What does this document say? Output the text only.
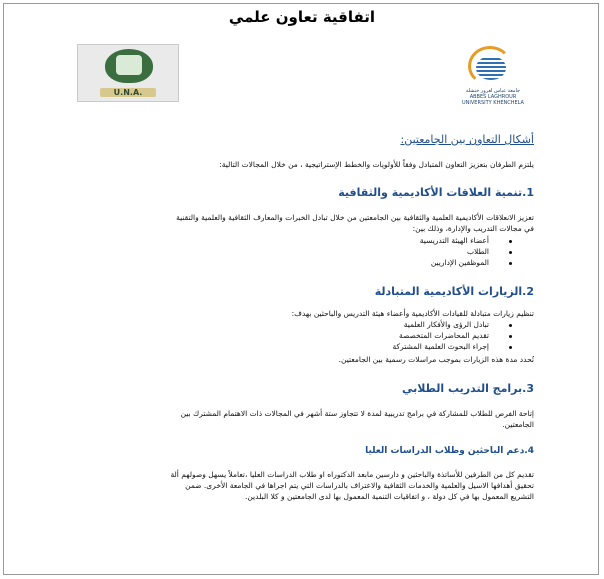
اتفاقية تعاون علمي
U.N.A.	جامعة عباس لغرور خنشلة ABBES LAGHROUR UNIVERSITY KHENCHELA
أشكال التعاون بين الجامعتين:
يلتزم الطرفان بتعزيز التعاون المتبادل وفقاً للأولويات والخطط الإستراتيجية ، من خلال المجالات التالية:
1.تنمية العلاقات الأكاديمية والثقافية
تعزيز الانعلاقات الأكاديمية العلمية والثقافية بين الجامعتين من خلال تبادل الخبرات والمعارف الثقافية والعلمية والتقنية
في مجالات التدريب والإدارة، وذلك بين:
أعضاء الهيئة التدريسية
الطلاب
الموظفين الإداريين
2.الزيارات الأكاديمية المتبادلة
تنظيم زيارات متبادلة للقيادات الأكاديمية وأعضاء هيئة التدريس والباحثين بهدف:
تبادل الرؤى والأفكار العلمية
تقديم المحاضرات المتخصصة
إجراء البحوث العلمية المشتركة
تُحدد مدة هذه الزيارات بموجب مراسلات رسمية بين الجامعتين.
3.برامج التدريب الطلابي
إتاحة الفرص للطلاب للمشاركة في برامج تدريبية لمدة لا تتجاوز ستة أشهر في المجالات ذات الاهتمام المشترك بين
الجامعتين.
4.دعم الباحثين وطلاب الدراسات العليا
تقديم كل من الطرفين للأساتذة والباحثين و دارسين مابعد الدكتوراه او طلاب الدراسات العليا ،تعاملاً يسهل وصولهم ألة
تحقيق أهدافها الاسيل والعلمية والخدمات الثقافية والاعتراف بالدراسات التي يتم اجراها في الجامعة الأخرى. ضمن
التشريع المعمول بها في كل دولة ، و اتفاقيات التنمية المعمول بها لدى الجامعتين و كلا البلدين.
